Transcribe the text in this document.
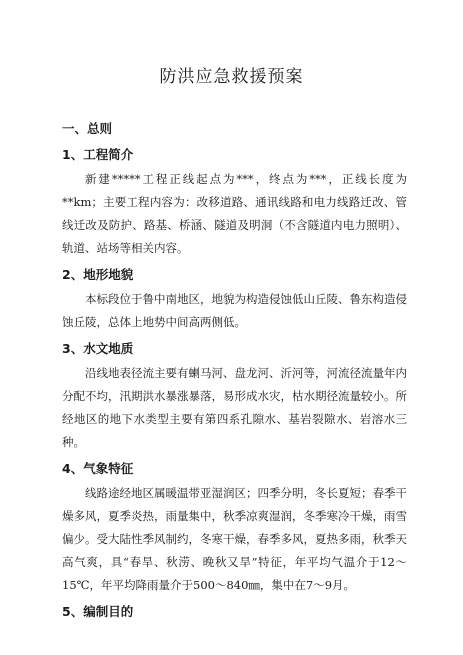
防洪应急救援预案
一、总则
1、工程简介

新建*****工程正线起点为***，终点为***，正线长度为**km；主要工程内容为：改移道路、通讯线路和电力线路迁改、管线迁改及防护、路基、桥涵、隧道及明洞（不含隧道内电力照明）、轨道、站场等相关内容。

2、地形地貌

本标段位于鲁中南地区，地貌为构造侵蚀低山丘陵、鲁东构造侵蚀丘陵，总体上地势中间高两侧低。

3、水文地质

沿线地表径流主要有蝲马河、盘龙河、沂河等，河流径流量年内分配不均，汛期洪水暴涨暴落，易形成水灾，枯水期径流量较小。所经地区的地下水类型主要有第四系孔隙水、基岩裂隙水、岩溶水三种。

4、气象特征

线路途经地区属暖温带亚湿润区；四季分明，冬长夏短；春季干燥多风，夏季炎热，雨量集中，秋季凉爽湿润，冬季寒冷干燥，雨雪偏少。受大陆性季风制约，冬寒干燥，春季多风，夏热多雨，秋季天高气爽，具“春旱、秋涝、晚秋又旱”特征，年平均气温介于12～15℃，年平均降雨量介于500～840㎜，集中在7～9月。

5、编制目的
